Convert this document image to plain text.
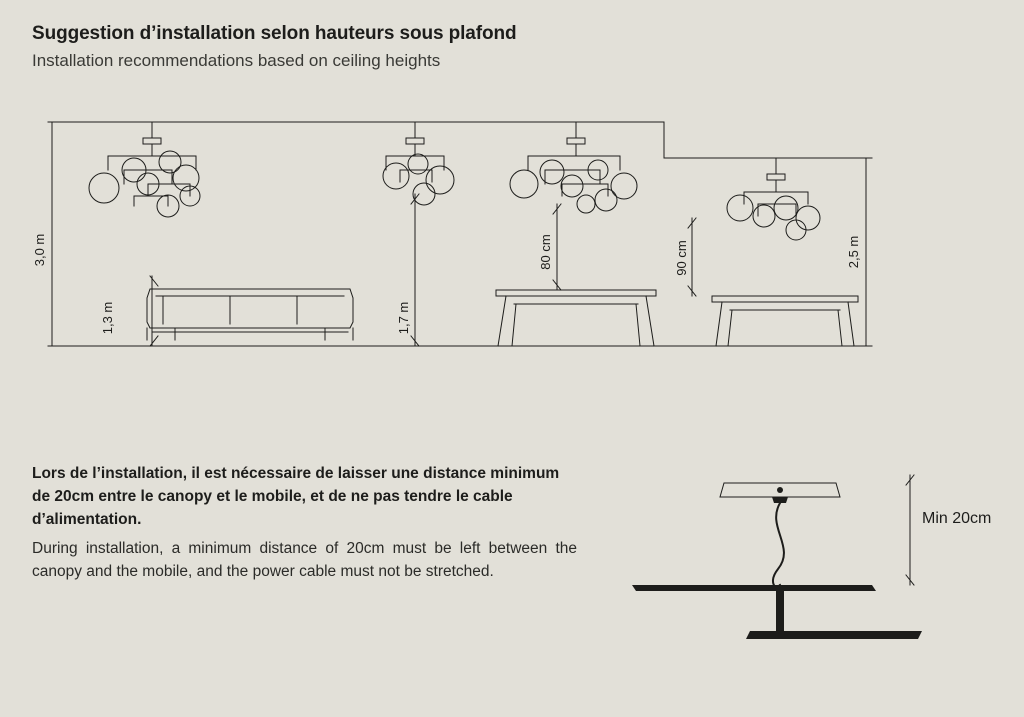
Suggestion d’installation selon hauteurs sous plafond

Installation recommendations based on ceiling heights

3,0 m
1,3 m	1,7 m
80 cm	90 cm	2,5 m

Lors de l’installation, il est nécessaire de laisser une distance minimum de 20cm entre le canopy et le mobile, et de ne pas tendre le cable d’alimentation.

During installation, a minimum distance of 20cm must be left between the canopy and the mobile, and the power cable must not be stretched.

Min 20cm
